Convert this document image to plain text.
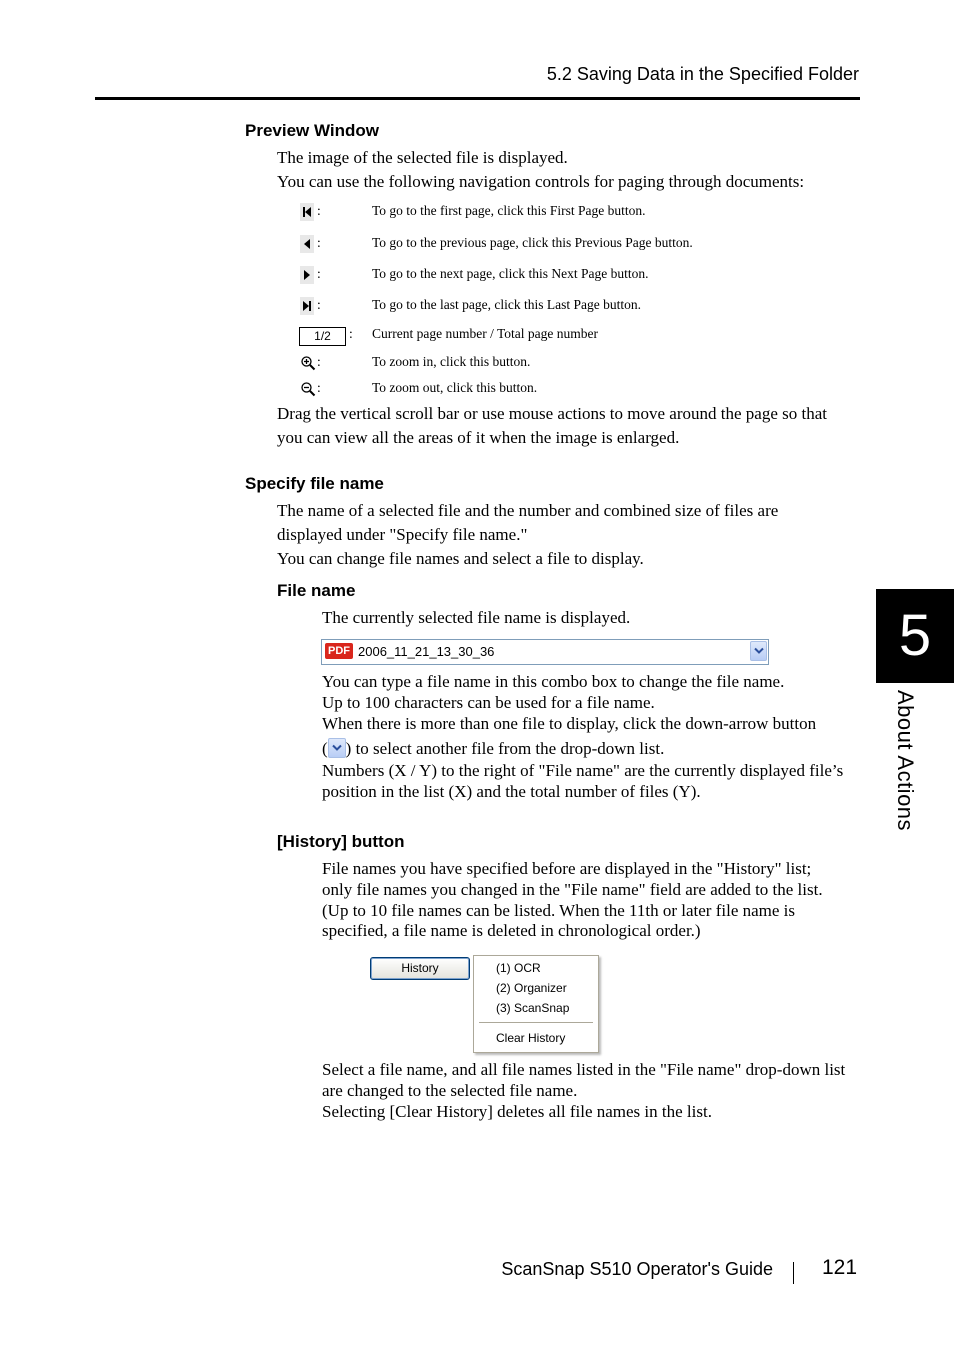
5.2 Saving Data in the Specified Folder
Preview Window
The image of the selected file is displayed.
You can use the following navigation controls for paging through documents:
:	To go to the first page, click this First Page button.
:	To go to the previous page, click this Previous Page button.
:	To go to the next page, click this Next Page button.
:	To go to the last page, click this Last Page button.
1/2	: Current page number / Total page number
:	To zoom in, click this button.
:	To zoom out, click this button.
Drag the vertical scroll bar or use mouse actions to move around the page so that
you can view all the areas of it when the image is enlarged.
Specify file name
The name of a selected file and the number and combined size of files are
displayed under "Specify file name."
You can change file names and select a file to display.
File name
The currently selected file name is displayed.
PDF 2006_11_21_13_30_36
You can type a file name in this combo box to change the file name.
Up to 100 characters can be used for a file name.
When there is more than one file to display, click the down-arrow button
( ) to select another file from the drop-down list.
Numbers (X / Y) to the right of "File name" are the currently displayed file’s
position in the list (X) and the total number of files (Y).
[History] button
File names you have specified before are displayed in the "History" list;
only file names you changed in the "File name" field are added to the list.
(Up to 10 file names can be listed. When the 11th or later file name is
specified, a file name is deleted in chronological order.)
History	(1) OCR
(2) Organizer
(3) ScanSnap
Clear History
Select a file name, and all file names listed in the "File name" drop-down list
are changed to the selected file name.
Selecting [Clear History] deletes all file names in the list.
5
About Actions
ScanSnap S510 Operator's Guide 121
